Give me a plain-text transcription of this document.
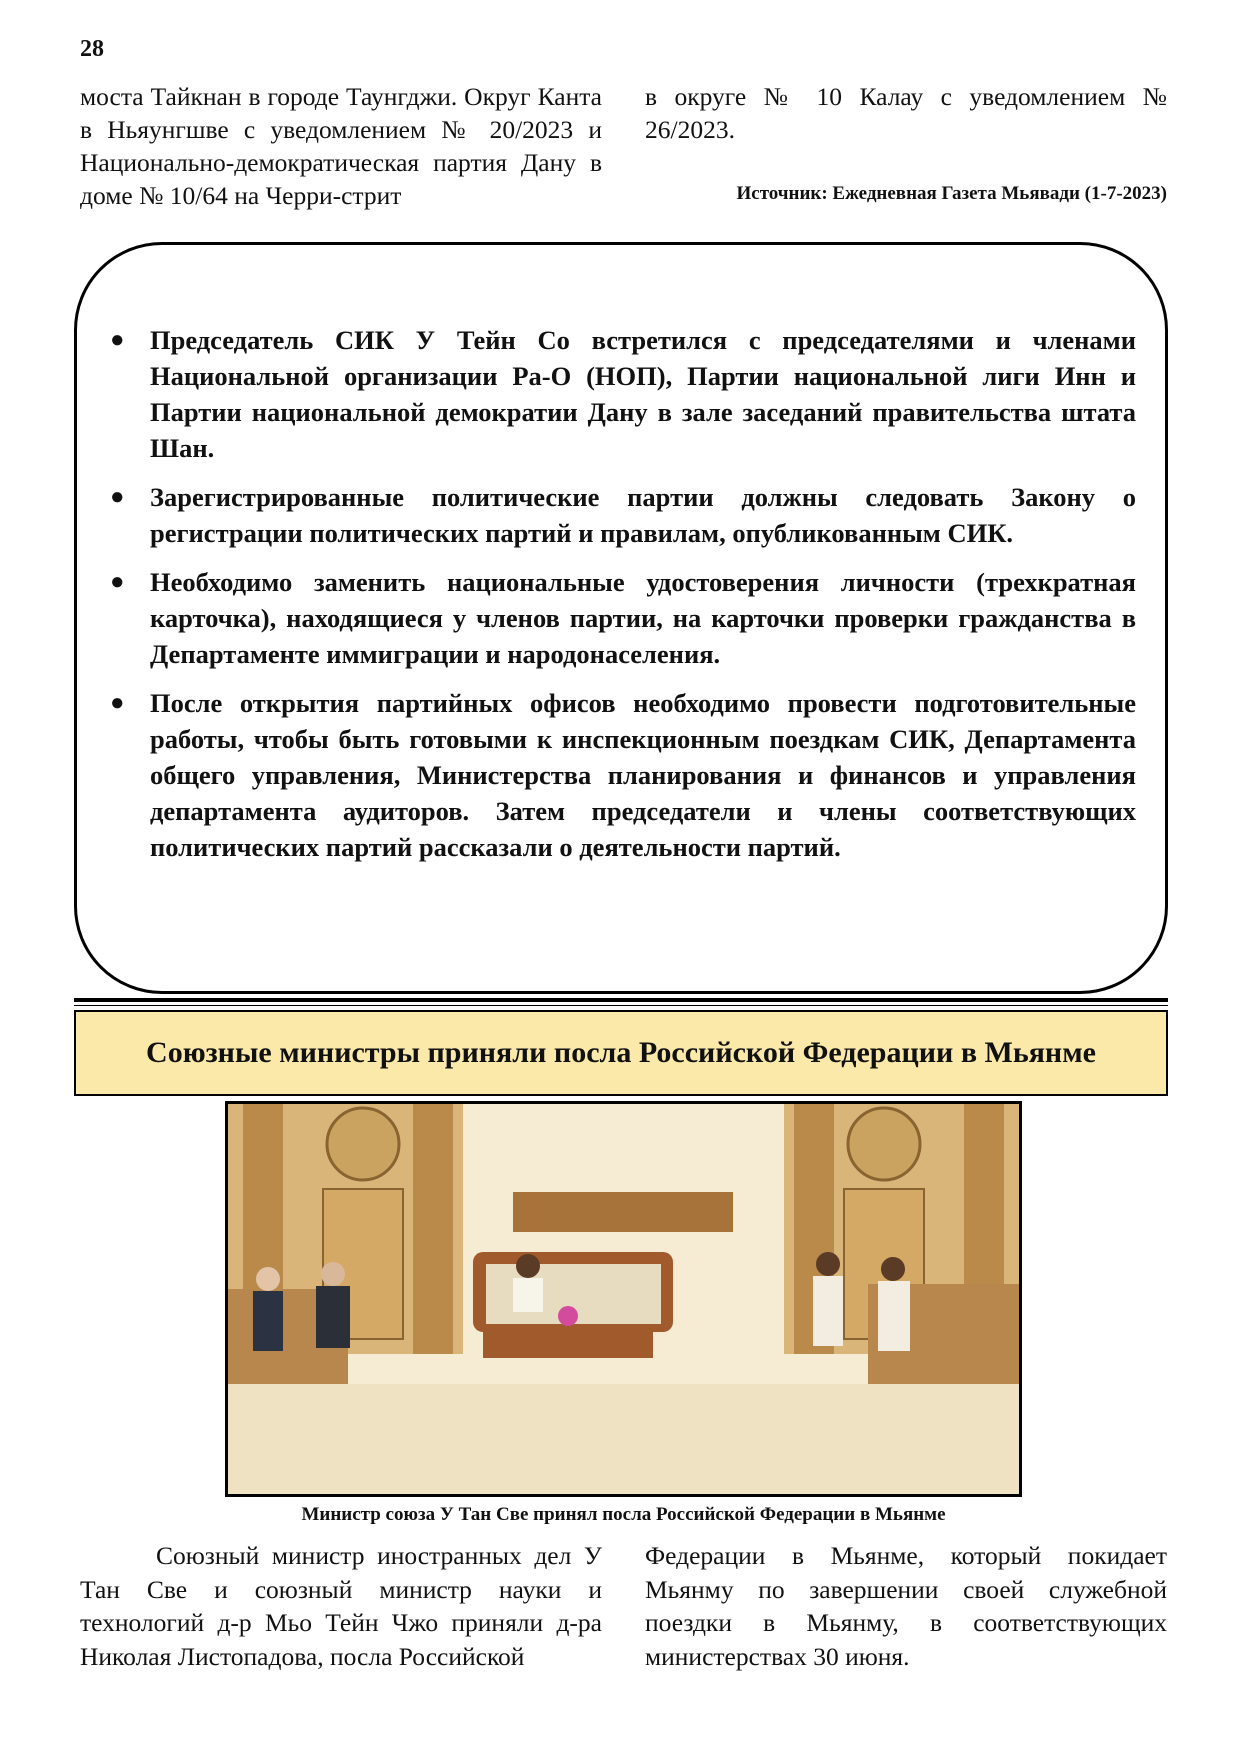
28
моста Тайкнан в городе Таунгджи. Округ Канта в Ньяунгшве с уведомлением № 20/2023 и Национально-демократическая партия Дану в доме № 10/64 на Черри-стрит
в округе № 10 Калау с уведомлением № 26/2023.
Источник: Ежедневная Газета Мьявади (1-7-2023)
● Председатель СИК У Тейн Со встретился с председателями и членами Национальной организации Ра-О (НОП), Партии национальной лиги Инн и Партии национальной демократии Дану в зале заседаний правительства штата Шан.
● Зарегистрированные политические партии должны следовать Закону о регистрации политических партий и правилам, опубликованным СИК.
● Необходимо заменить национальные удостоверения личности (трехкратная карточка), находящиеся у членов партии, на карточки проверки гражданства в Департаменте иммиграции и народонаселения.
● После открытия партийных офисов необходимо провести подготовительные работы, чтобы быть готовыми к инспекционным поездкам СИК, Департамента общего управления, Министерства планирования и финансов и управления департамента аудиторов. Затем председатели и члены соответствующих политических партий рассказали о деятельности партий.
Союзные министры приняли посла Российской Федерации в Мьянме
Министр союза У Тан Све принял посла Российской Федерации в Мьянме
Союзный министр иностранных дел У Тан Све и союзный министр науки и технологий д-р Мьо Тейн Чжо приняли д-ра Николая Листопадова, посла Российской
Федерации в Мьянме, который покидает Мьянму по завершении своей служебной поездки в Мьянму, в соответствующих министерствах 30 июня.
